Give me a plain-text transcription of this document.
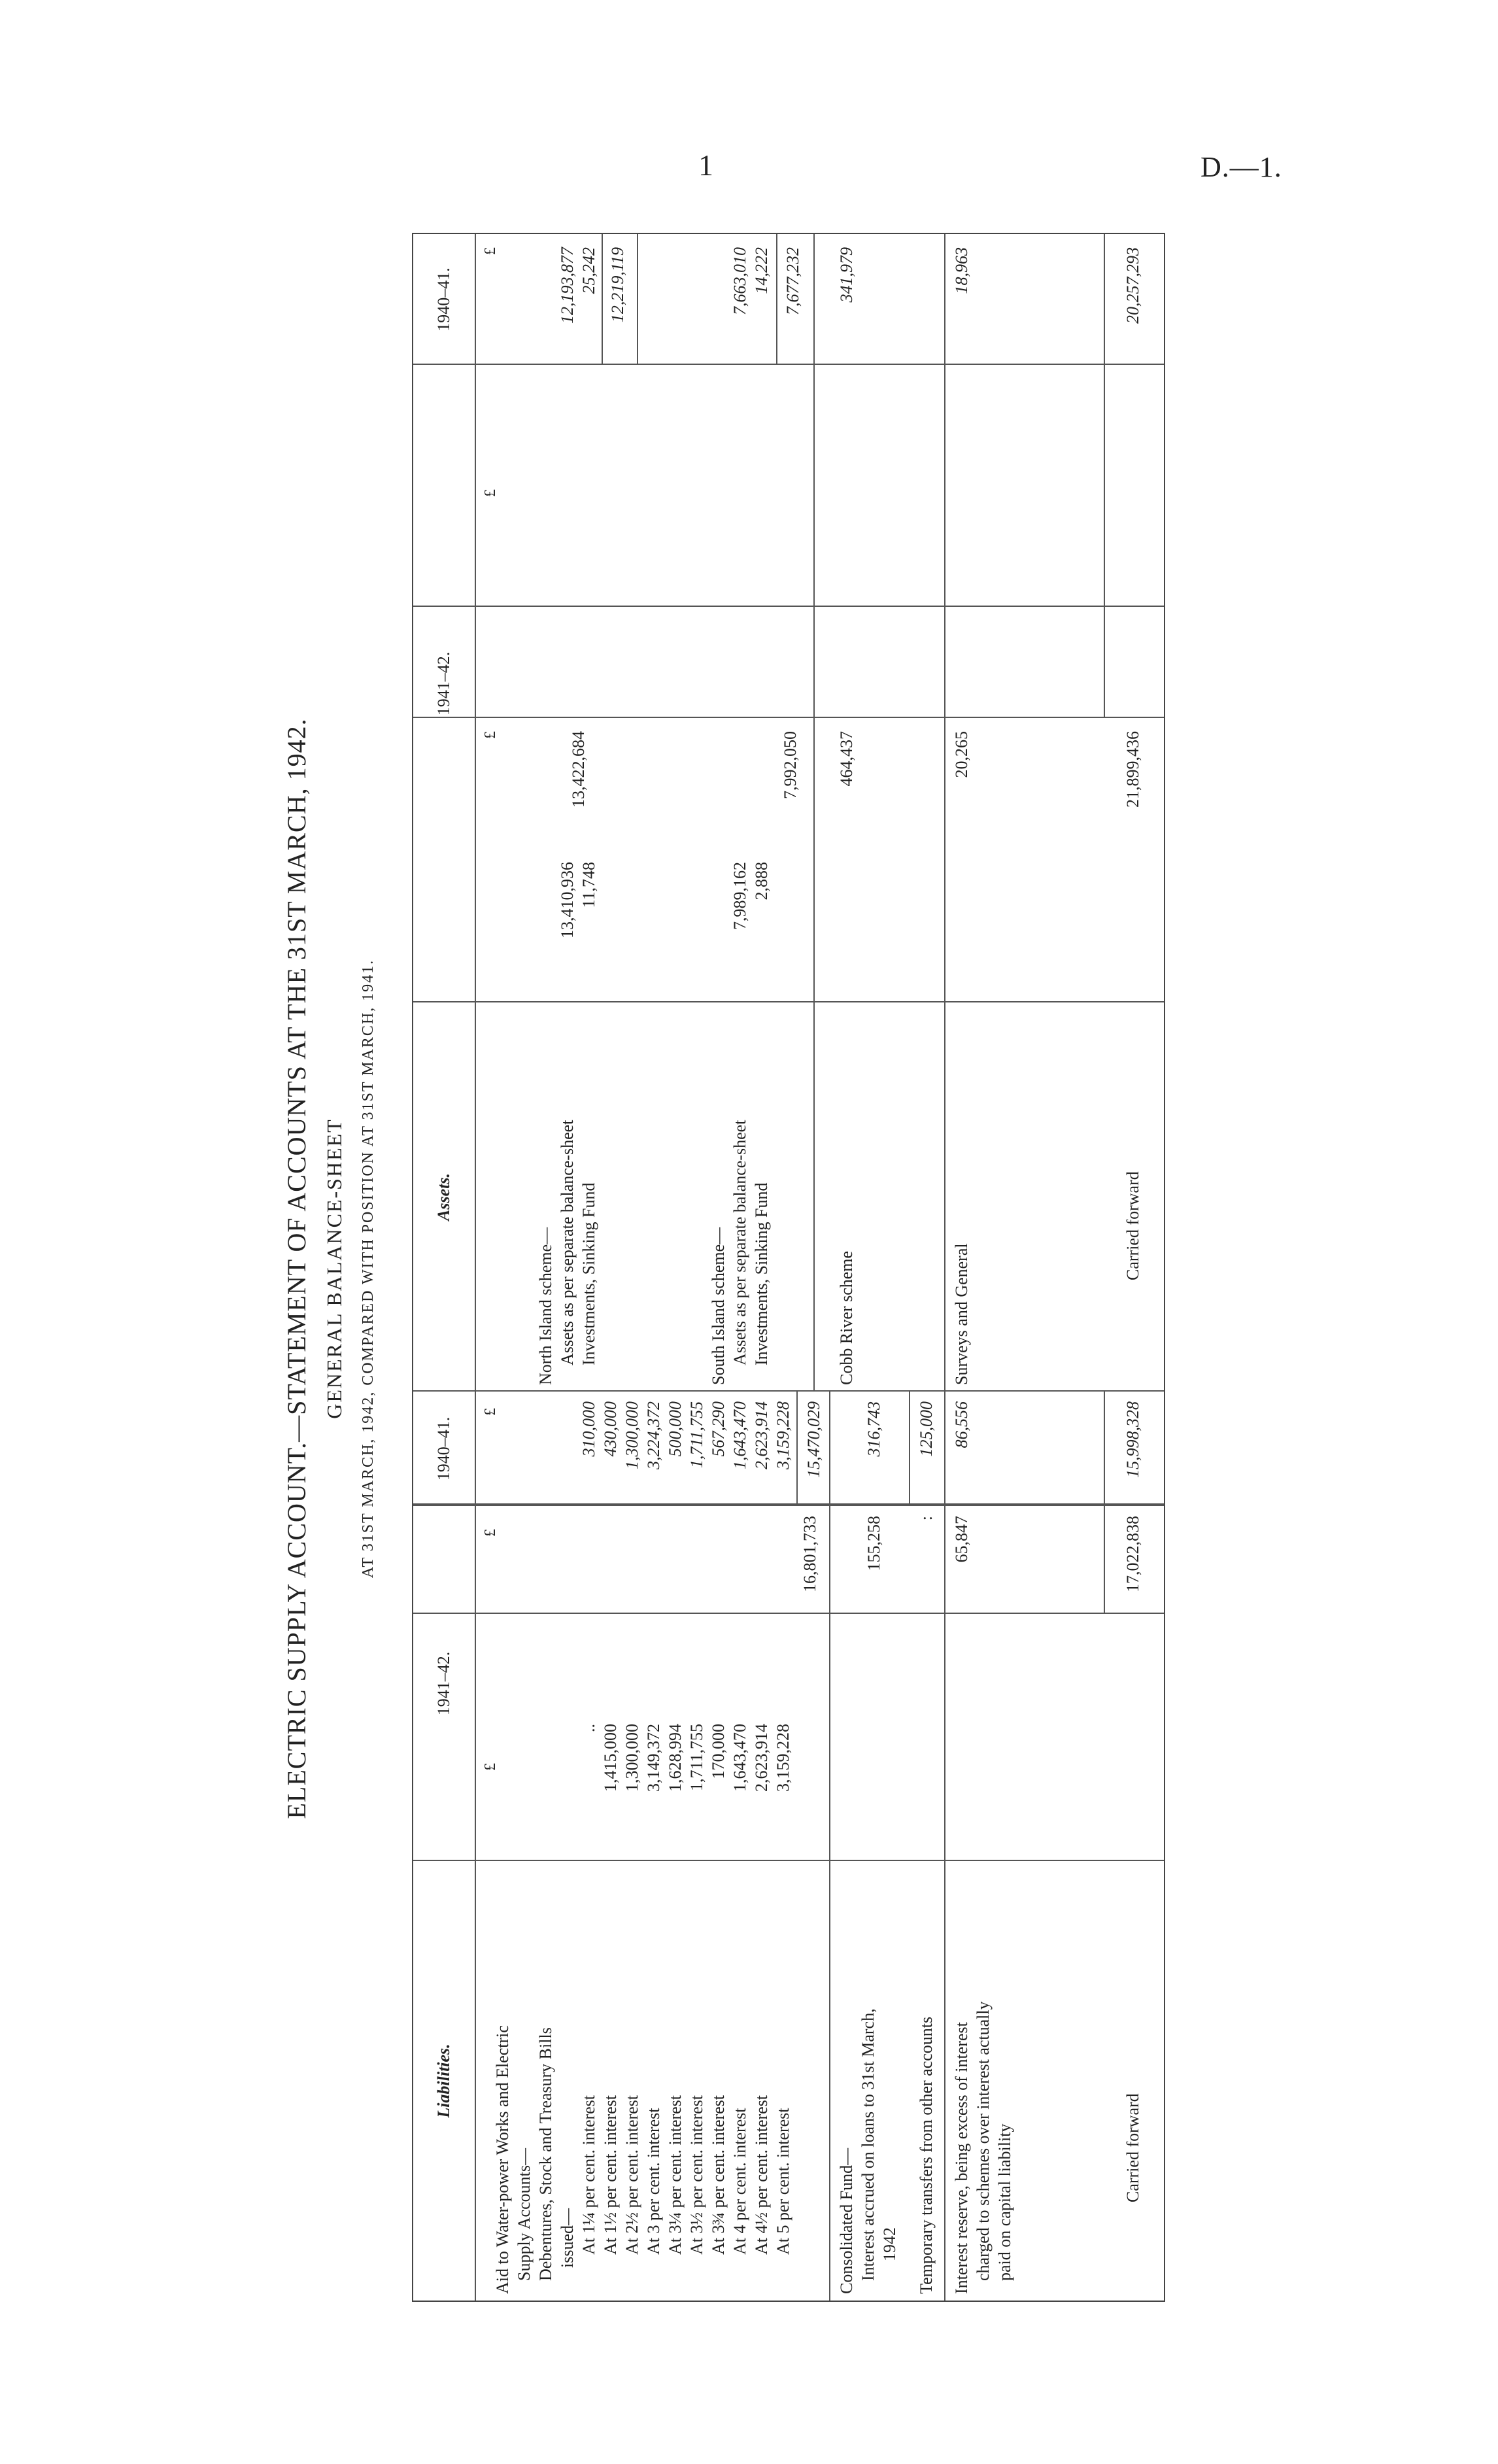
1	D.—1.
ELECTRIC SUPPLY ACCOUNT.—STATEMENT OF ACCOUNTS AT THE 31ST MARCH, 1942. GENERAL BALANCE-SHEET AT 31ST MARCH, 1942, COMPARED WITH POSITION AT 31ST MARCH, 1941.
Liabilities.
1941–42.
1940–41.
Assets.
1941–42.
1940–41.
£
£
£
£
£
£
Aid to Water-power Works and Electric Supply Accounts— Debentures, Stock and Treasury Bills issued— At 1¼ per cent. interest At 1½ per cent. interest At 2½ per cent. interest At 3 per cent. interest At 3¼ per cent. interest At 3½ per cent. interest At 3¾ per cent. interest At 4 per cent. interest At 4½ per cent. interest At 5 per cent. interest
.. 1,415,000 1,300,000 3,149,372 1,628,994 1,711,755 170,000 1,643,470 2,623,914 3,159,228
16,801,733
310,000 430,000 1,300,000 3,224,372 500,000 1,711,755 567,290 1,643,470 2,623,914 3,159,228 15,470,029
Consolidated Fund— Interest accrued on loans to 31st March, 1942
155,258
316,743
Temporary transfers from other accounts
:
125,000
Interest reserve, being excess of interest charged to schemes over interest actually paid on capital liability
65,847
86,556
Carried forward
17,022,838
15,998,328
North Island scheme— Assets as per separate balance-sheet Investments, Sinking Fund
13,410,936 11,748
13,422,684
12,193,877 25,242 12,219,119
South Island scheme— Assets as per separate balance-sheet Investments, Sinking Fund
7,989,162 2,888
7,992,050
7,663,010 14,222 7,677,232
Cobb River scheme
464,437
341,979
Surveys and General
20,265
18,963
Carried forward
21,899,436
20,257,293
